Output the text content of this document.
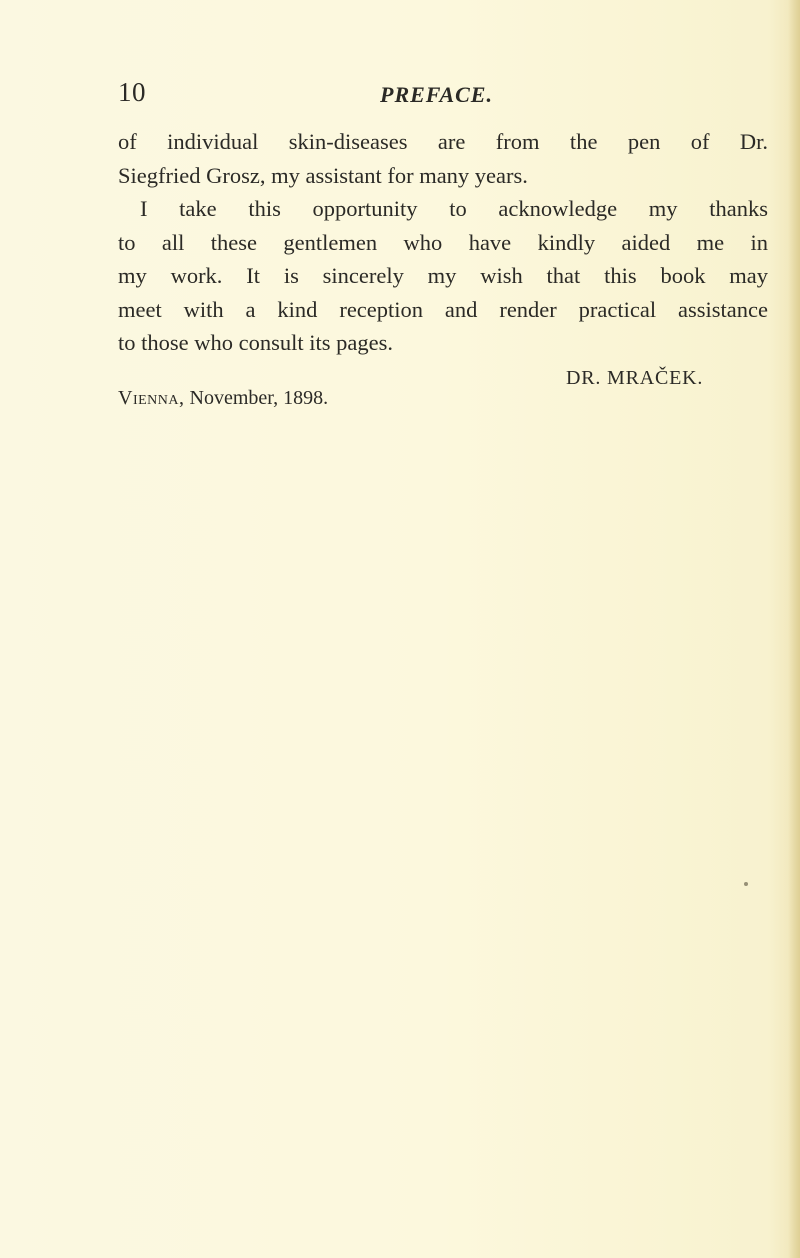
10	PREFACE.
of individual skin-diseases are from the pen of Dr.
Siegfried Grosz, my assistant for many years.
I take this opportunity to acknowledge my thanks
to all these gentlemen who have kindly aided me in
my work. It is sincerely my wish that this book may
meet with a kind reception and render practical assistance
to those who consult its pages.
DR. MRAČEK.
Vienna, November, 1898.
